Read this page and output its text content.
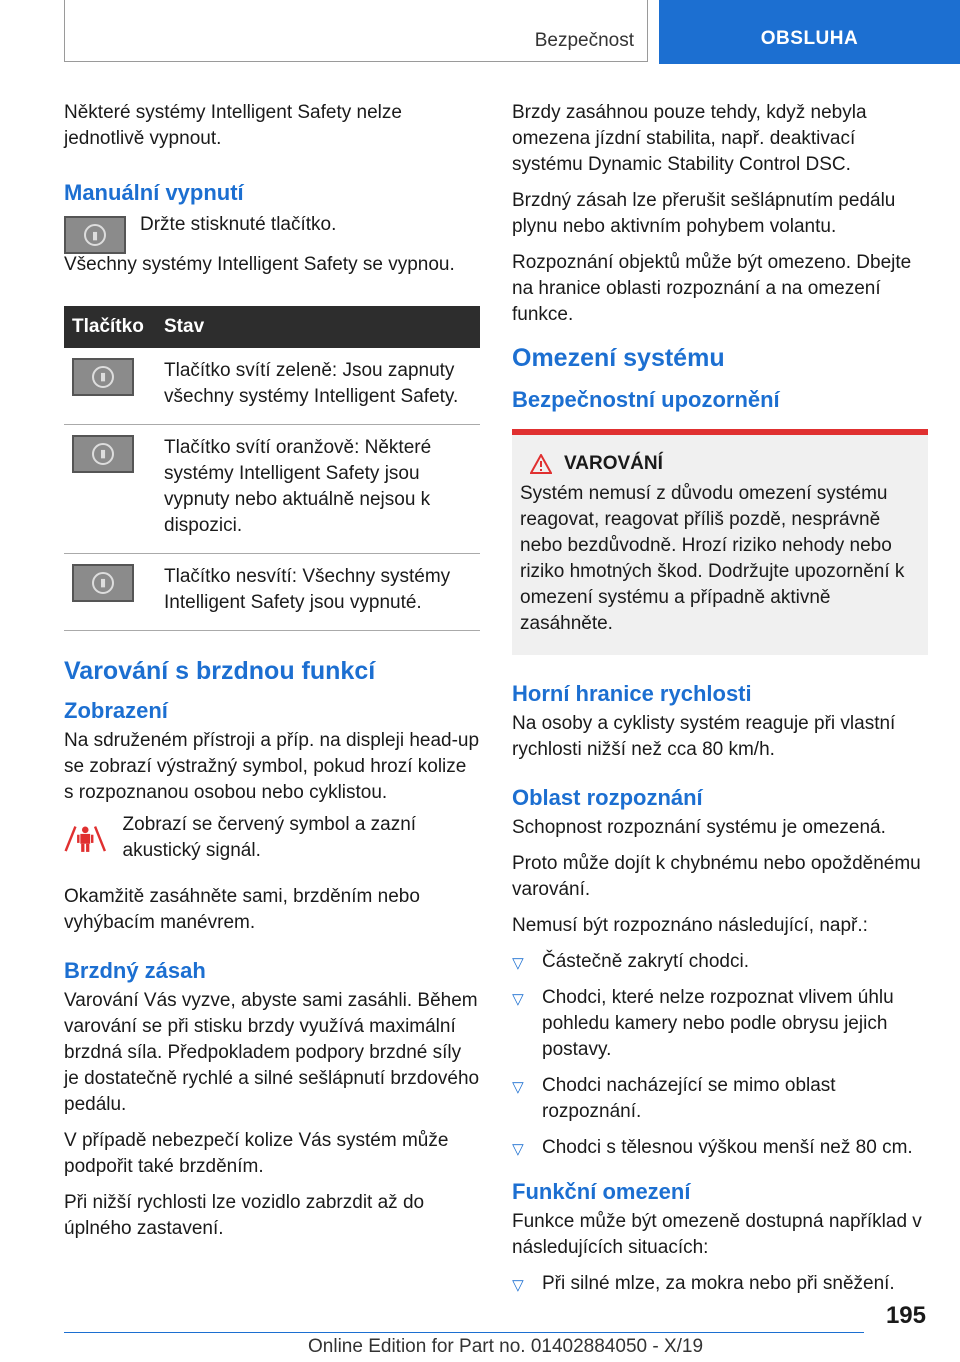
Bezpečnost	OBSLUHA

Některé systémy Intelligent Safety nelze jednotlivě vypnout.

Manuální vypnutí
▮

Držte stisknuté tlačítko.

Všechny systémy Intelligent Safety se vypnou.

Tlačítko	Stav

▮	Tlačítko svítí zeleně: Jsou zapnuty všechny systémy Intelligent Safety.

▮	Tlačítko svítí oranžově: Některé systémy Intelligent Safety jsou vypnuty nebo aktuálně nejsou k dispozici.

▮	Tlačítko nesvítí: Všechny systémy Intelligent Safety jsou vypnuté.
Varování s brzdnou funkcí
Zobrazení

Na sdruženém přístroji a příp. na displeji head-up se zobrazí výstražný symbol, pokud hrozí kolize s rozpoznanou osobou nebo cyklistou.

Zobrazí se červený symbol a zazní akustický signál.

Okamžitě zasáhněte sami, brzděním nebo vyhýbacím manévrem.

Brzdný zásah

Varování Vás vyzve, abyste sami zasáhli. Během varování se při stisku brzdy využívá maximální brzdná síla. Předpokladem podpory brzdné síly je dostatečně rychlé a silné sešlápnutí brzdového pedálu.

V případě nebezpečí kolize Vás systém může podpořit také brzděním.

Při nižší rychlosti lze vozidlo zabrzdit až do úplného zastavení.

Brzdy zasáhnou pouze tehdy, když nebyla omezena jízdní stabilita, např. deaktivací systému Dynamic Stability Control DSC.

Brzdný zásah lze přerušit sešlápnutím pedálu plynu nebo aktivním pohybem volantu.

Rozpoznání objektů může být omezeno. Dbejte na hranice oblasti rozpoznání a na omezení funkce.

Omezení systému
Bezpečnostní upozornění
VAROVÁNÍ

Systém nemusí z důvodu omezení systému reagovat, reagovat příliš pozdě, nesprávně nebo bezdůvodně. Hrozí riziko nehody nebo riziko hmotných škod. Dodržujte upozornění k omezení systému a případně aktivně zasáhněte.

Horní hranice rychlosti

Na osoby a cyklisty systém reaguje při vlastní rychlosti nižší než cca 80 km/h.

Oblast rozpoznání

Schopnost rozpoznání systému je omezená.

Proto může dojít k chybnému nebo opožděnému varování.

Nemusí být rozpoznáno následující, např.:

▷ Částečně zakrytí chodci.
▷ Chodci, které nelze rozpoznat vlivem úhlu pohledu kamery nebo podle obrysu jejich postavy.
▷ Chodci nacházející se mimo oblast rozpoznání.
▷ Chodci s tělesnou výškou menší než 80 cm.
Funkční omezení

Funkce může být omezeně dostupná například v následujících situacích:

▷ Při silné mlze, za mokra nebo při sněžení.
195
Online Edition for Part no. 01402884050 - X/19
